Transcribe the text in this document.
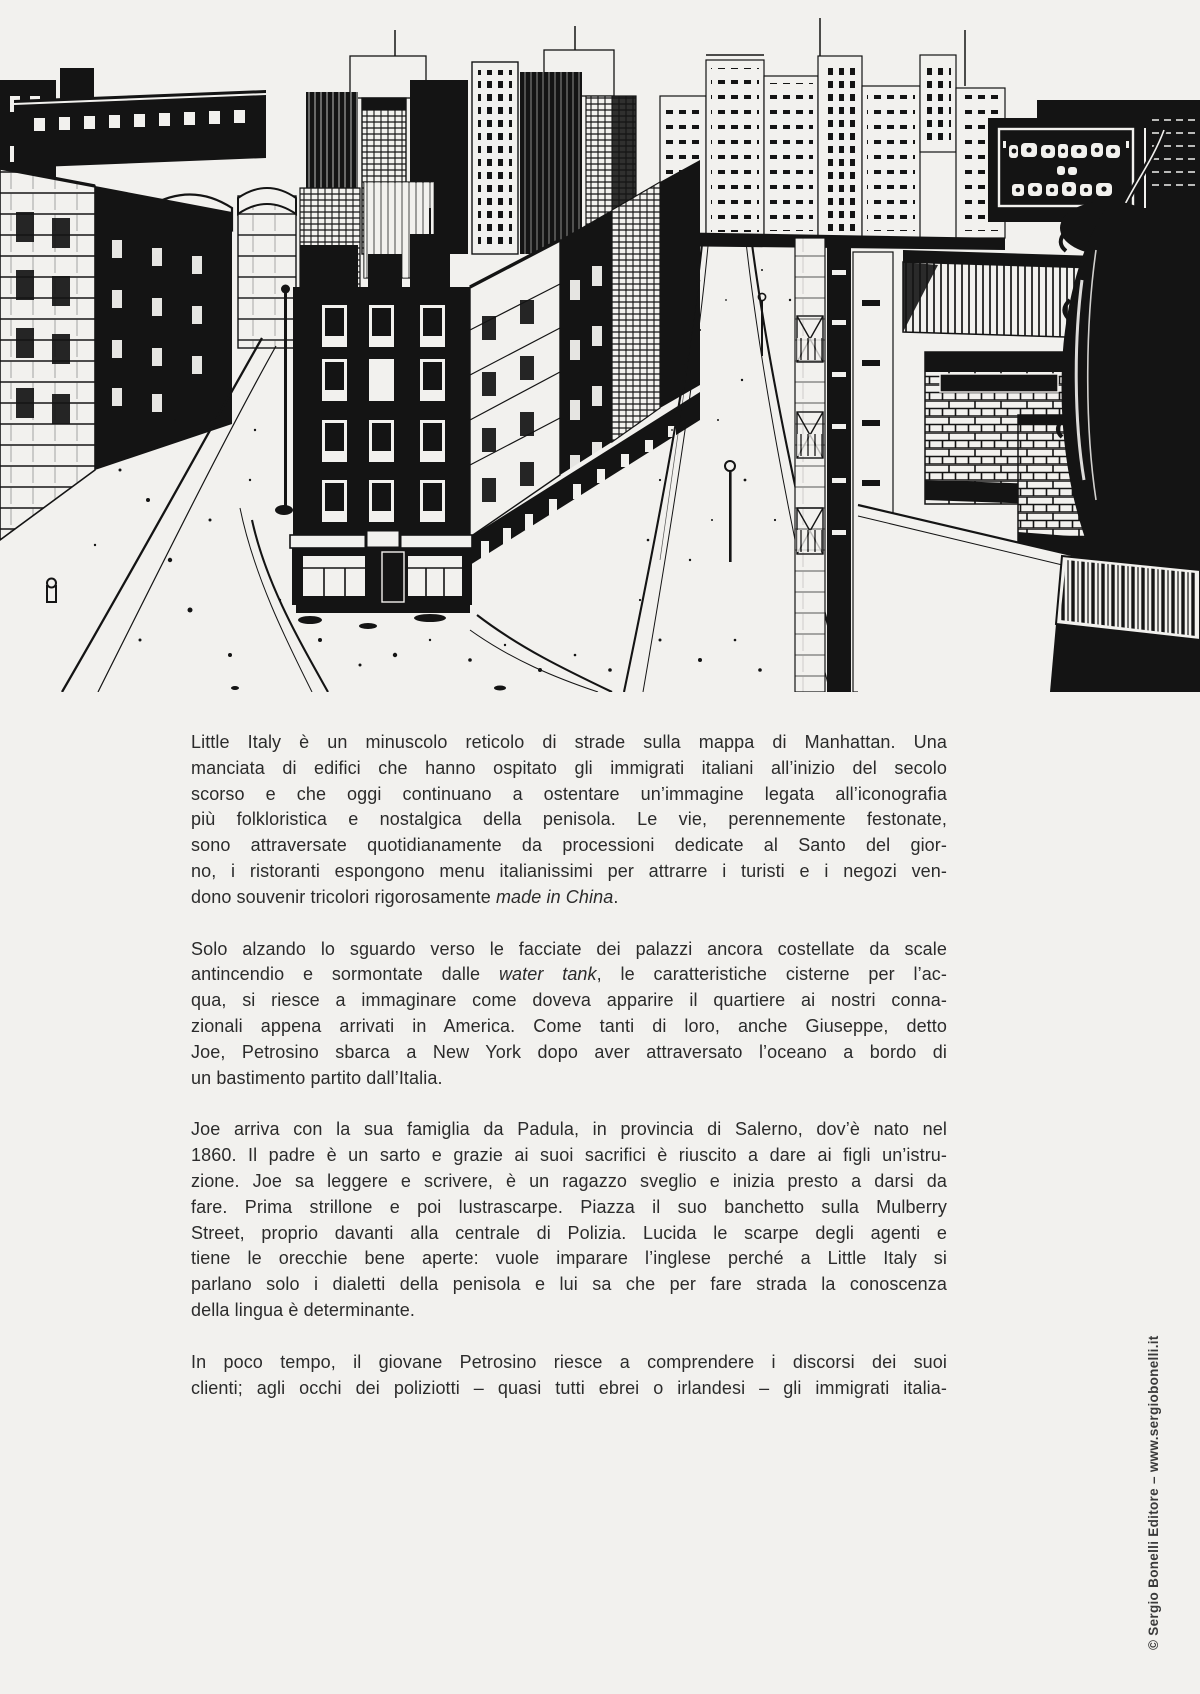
Little Italy è un minuscolo reticolo di strade sulla mappa di Manhattan. Una
manciata di edifici che hanno ospitato gli immigrati italiani all’inizio del secolo
scorso e che oggi continuano a ostentare un’immagine legata all’iconografia
più folkloristica e nostalgica della penisola. Le vie, perennemente festonate,
sono attraversate quotidianamente da processioni dedicate al Santo del gior-
no, i ristoranti espongono menu italianissimi per attrarre i turisti e i negozi ven-
dono souvenir tricolori rigorosamente made in China.
Solo alzando lo sguardo verso le facciate dei palazzi ancora costellate da scale
antincendio e sormontate dalle water tank, le caratteristiche cisterne per l’ac-
qua, si riesce a immaginare come doveva apparire il quartiere ai nostri conna-
zionali appena arrivati in America. Come tanti di loro, anche Giuseppe, detto
Joe, Petrosino sbarca a New York dopo aver attraversato l’oceano a bordo di
un bastimento partito dall’Italia.
Joe arriva con la sua famiglia da Padula, in provincia di Salerno, dov’è nato nel
1860. Il padre è un sarto e grazie ai suoi sacrifici è riuscito a dare ai figli un’istru-
zione. Joe sa leggere e scrivere, è un ragazzo sveglio e inizia presto a darsi da
fare. Prima strillone e poi lustrascarpe. Piazza il suo banchetto sulla Mulberry
Street, proprio davanti alla centrale di Polizia. Lucida le scarpe degli agenti e
tiene le orecchie bene aperte: vuole imparare l’inglese perché a Little Italy si
parlano solo i dialetti della penisola e lui sa che per fare strada la conoscenza
della lingua è determinante.
In poco tempo, il giovane Petrosino riesce a comprendere i discorsi dei suoi
clienti; agli occhi dei poliziotti – quasi tutti ebrei o irlandesi – gli immigrati italia-	© Sergio Bonelli Editore – www.sergiobonelli.it
